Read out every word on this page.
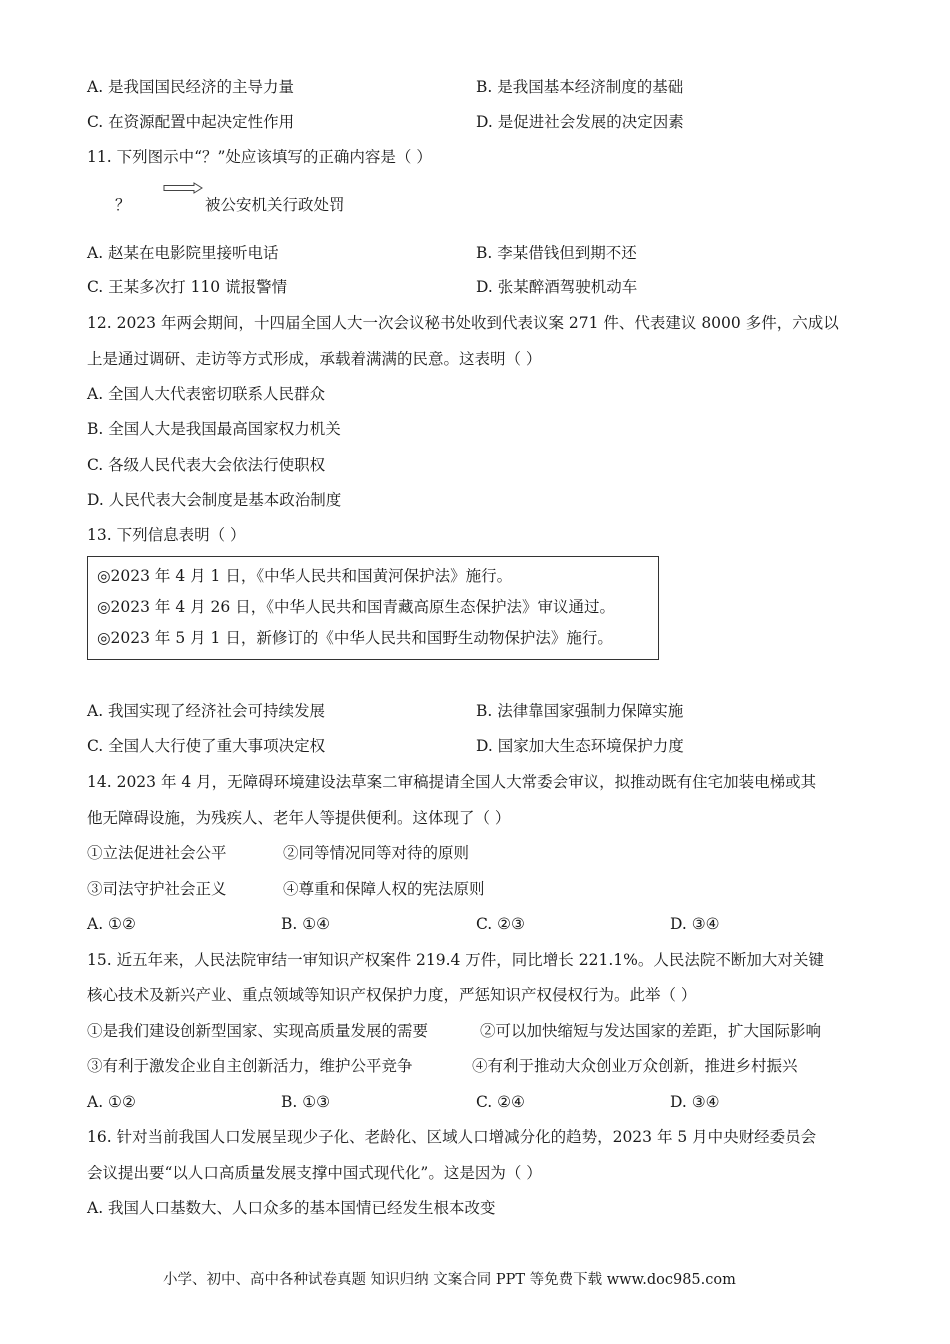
A. 是我国国民经济的主导力量	B. 是我国基本经济制度的基础
C. 在资源配置中起决定性作用	D. 是促进社会发展的决定因素
11. 下列图示中“？”处应该填写的正确内容是（ ）
？	被公安机关行政处罚
A. 赵某在电影院里接听电话	B. 李某借钱但到期不还
C. 王某多次打 110 谎报警情	D. 张某醉酒驾驶机动车
12. 2023 年两会期间，十四届全国人大一次会议秘书处收到代表议案 271 件、代表建议 8000 多件，六成以
上是通过调研、走访等方式形成，承载着满满的民意。这表明（ ）
A. 全国人大代表密切联系人民群众
B. 全国人大是我国最高国家权力机关
C. 各级人民代表大会依法行使职权
D. 人民代表大会制度是基本政治制度
13. 下列信息表明（ ）
◎2023 年 4 月 1 日，《中华人民共和国黄河保护法》施行。
◎2023 年 4 月 26 日，《中华人民共和国青藏高原生态保护法》审议通过。
◎2023 年 5 月 1 日，新修订的《中华人民共和国野生动物保护法》施行。
A. 我国实现了经济社会可持续发展	B. 法律靠国家强制力保障实施
C. 全国人大行使了重大事项决定权	D. 国家加大生态环境保护力度
14. 2023 年 4 月，无障碍环境建设法草案二审稿提请全国人大常委会审议，拟推动既有住宅加装电梯或其
他无障碍设施，为残疾人、老年人等提供便利。这体现了（ ）
①立法促进社会公平	②同等情况同等对待的原则
③司法守护社会正义	④尊重和保障人权的宪法原则
A. ①②	B. ①④	C. ②③	D. ③④
15. 近五年来，人民法院审结一审知识产权案件 219.4 万件，同比增长 221.1%。人民法院不断加大对关键
核心技术及新兴产业、重点领域等知识产权保护力度，严惩知识产权侵权行为。此举（ ）
①是我们建设创新型国家、实现高质量发展的需要	②可以加快缩短与发达国家的差距，扩大国际影响
③有利于激发企业自主创新活力，维护公平竞争	④有利于推动大众创业万众创新，推进乡村振兴
A. ①②	B. ①③	C. ②④	D. ③④
16. 针对当前我国人口发展呈现少子化、老龄化、区域人口增减分化的趋势，2023 年 5 月中央财经委员会
会议提出要“以人口高质量发展支撑中国式现代化”。这是因为（ ）
A. 我国人口基数大、人口众多的基本国情已经发生根本改变
小学、初中、高中各种试卷真题 知识归纳 文案合同 PPT 等免费下载 www.doc985.com
